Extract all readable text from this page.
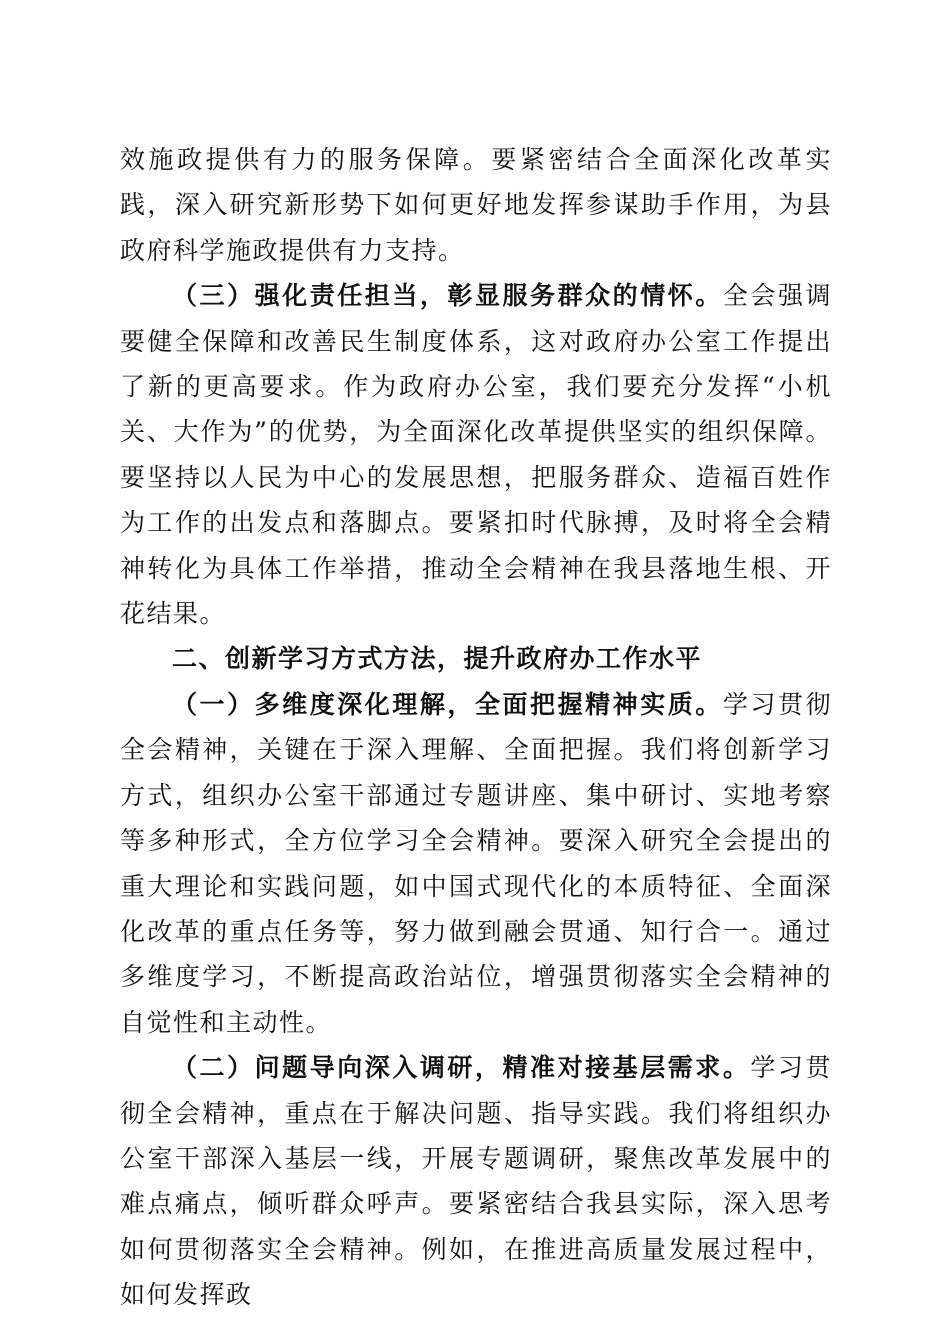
效施政提供有力的服务保障。要紧密结合全面深化改革实践，深入研究新形势下如何更好地发挥参谋助手作用，为县政府科学施政提供有力支持。

（三）强化责任担当，彰显服务群众的情怀。全会强调要健全保障和改善民生制度体系，这对政府办公室工作提出了新的更高要求。作为政府办公室，我们要充分发挥“小机关、大作为”的优势，为全面深化改革提供坚实的组织保障。要坚持以人民为中心的发展思想，把服务群众、造福百姓作为工作的出发点和落脚点。要紧扣时代脉搏，及时将全会精神转化为具体工作举措，推动全会精神在我县落地生根、开花结果。

二、创新学习方式方法，提升政府办工作水平

（一）多维度深化理解，全面把握精神实质。学习贯彻全会精神，关键在于深入理解、全面把握。我们将创新学习方式，组织办公室干部通过专题讲座、集中研讨、实地考察等多种形式，全方位学习全会精神。要深入研究全会提出的重大理论和实践问题，如中国式现代化的本质特征、全面深化改革的重点任务等，努力做到融会贯通、知行合一。通过多维度学习，不断提高政治站位，增强贯彻落实全会精神的自觉性和主动性。

（二）问题导向深入调研，精准对接基层需求。学习贯彻全会精神，重点在于解决问题、指导实践。我们将组织办公室干部深入基层一线，开展专题调研，聚焦改革发展中的难点痛点，倾听群众呼声。要紧密结合我县实际，深入思考如何贯彻落实全会精神。例如，在推进高质量发展过程中，如何发挥政
